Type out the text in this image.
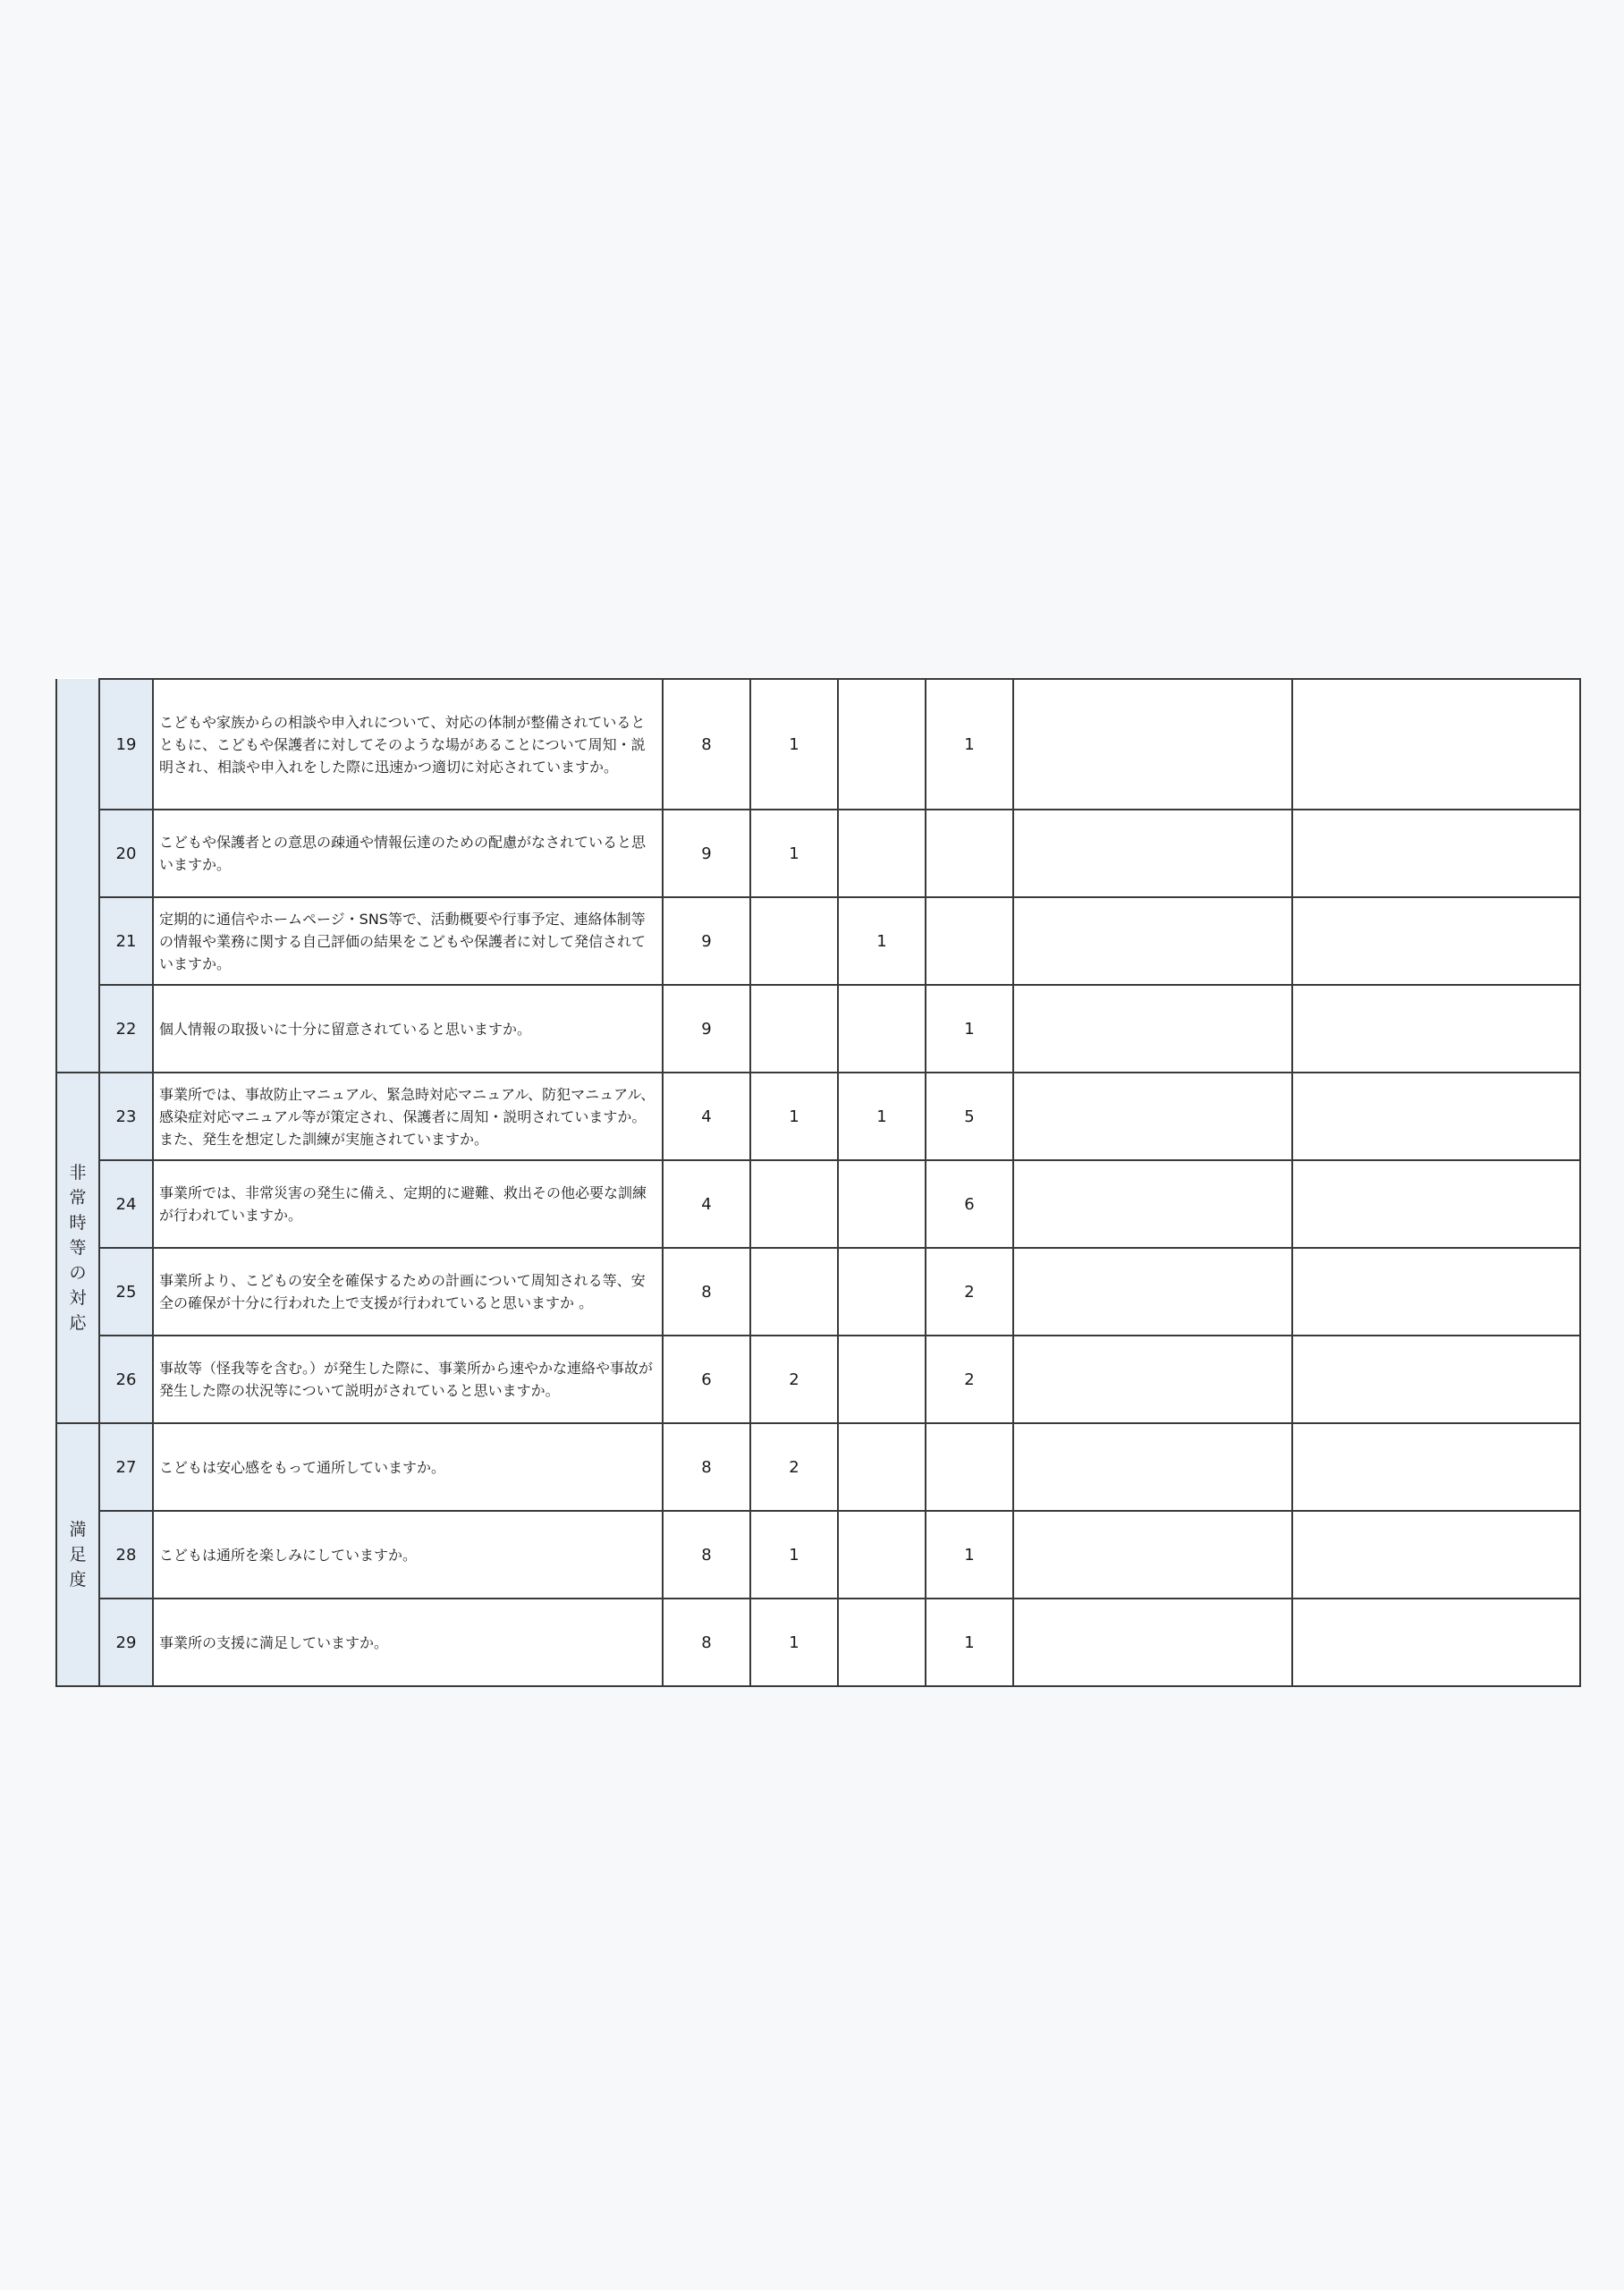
	19	こどもや家族からの相談や申入れについて、対応の体制が整備されているとともに、こどもや保護者に対してそのような場があることについて周知・説明され、相談や申入れをした際に迅速かつ適切に対応されていますか。	8	1		1		
	20	こどもや保護者との意思の疎通や情報伝達のための配慮がなされていると思いますか。	9	1				
	21	定期的に通信やホームページ・SNS等で、活動概要や行事予定、連絡体制等の情報や業務に関する自己評価の結果をこどもや保護者に対して発信されていますか。	9		1			
	22	個人情報の取扱いに十分に留意されていると思いますか。	9			1		

非常時等の対応	23	事業所では、事故防止マニュアル、緊急時対応マニュアル、防犯マニュアル、感染症対応マニュアル等が策定され、保護者に周知・説明されていますか。また、発生を想定した訓練が実施されていますか。	4	1	1	5		
	24	事業所では、非常災害の発生に備え、定期的に避難、救出その他必要な訓練が行われていますか。	4			6		
	25	事業所より、こどもの安全を確保するための計画について周知される等、安全の確保が十分に行われた上で支援が行われていると思いますか 。	8			2		
	26	事故等（怪我等を含む。）が発生した際に、事業所から速やかな連絡や事故が発生した際の状況等について説明がされていると思いますか。	6	2		2		

満足度	27	こどもは安心感をもって通所していますか。	8	2				
	28	こどもは通所を楽しみにしていますか。	8	1		1		
	29	事業所の支援に満足していますか。	8	1		1		
